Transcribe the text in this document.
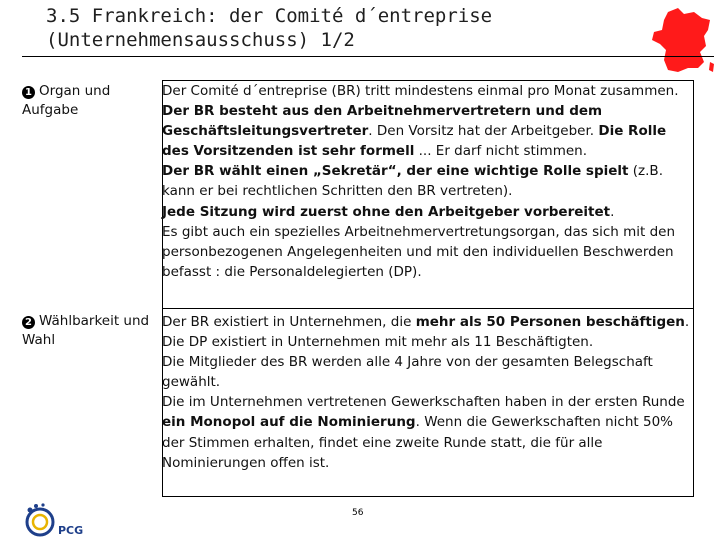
3.5 Frankreich: der Comité d´entreprise
(Unternehmensausschuss) 1/2
1 Organ und Aufgabe

Der Comité d´entreprise (BR) tritt mindestens einmal pro Monat zusammen. Der BR besteht aus den Arbeitnehmervertretern und dem Geschäftsleitungsvertreter. Den Vorsitz hat der Arbeitgeber. Die Rolle des Vorsitzenden ist sehr formell ... Er darf nicht stimmen.

Der BR wählt einen „Sekretär“, der eine wichtige Rolle spielt (z.B. kann er bei rechtlichen Schritten den BR vertreten).

Jede Sitzung wird zuerst ohne den Arbeitgeber vorbereitet.

Es gibt auch ein spezielles Arbeitnehmervertretungsorgan, das sich mit den personbezogenen Angelegenheiten und mit den individuellen Beschwerden befasst : die Personaldelegierten (DP).

2 Wählbarkeit und Wahl

Der BR existiert in Unternehmen, die mehr als 50 Personen beschäftigen. Die DP existiert in Unternehmen mit mehr als 11 Beschäftigten.

Die Mitglieder des BR werden alle 4 Jahre von der gesamten Belegschaft gewählt.

Die im Unternehmen vertretenen Gewerkschaften haben in der ersten Runde ein Monopol auf die Nominierung. Wenn die Gewerkschaften nicht 50% der Stimmen erhalten, findet eine zweite Runde statt, die für alle Nominierungen offen ist.

56
PCG
